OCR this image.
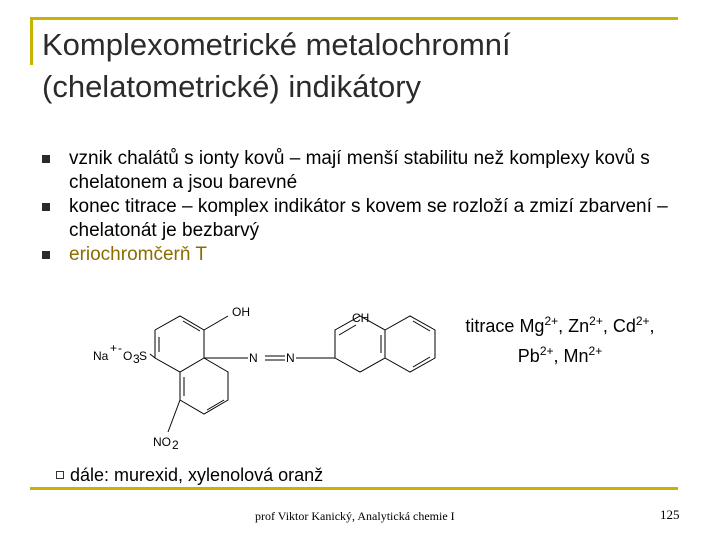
Komplexometrické metalochromní
(chelatometrické) indikátory
vznik chalátů s ionty kovů – mají menší stabilitu než komplexy kovů s chelatonem a jsou barevné
konec titrace – komplex indikátor s kovem se rozloží a zmizí zbarvení – chelatonát je bezbarvý
eriochromčerň T
OH	CH
Na
+ -
O 3 S	N N
NO 2
titrace $Mg^{2+}$, $Zn^{2+}$, $Cd^{2+}$,
$Pb^{2+}$, $Mn^{2+}$
dále: murexid, xylenolová oranž
prof Viktor Kanický, Analytická chemie I	125
